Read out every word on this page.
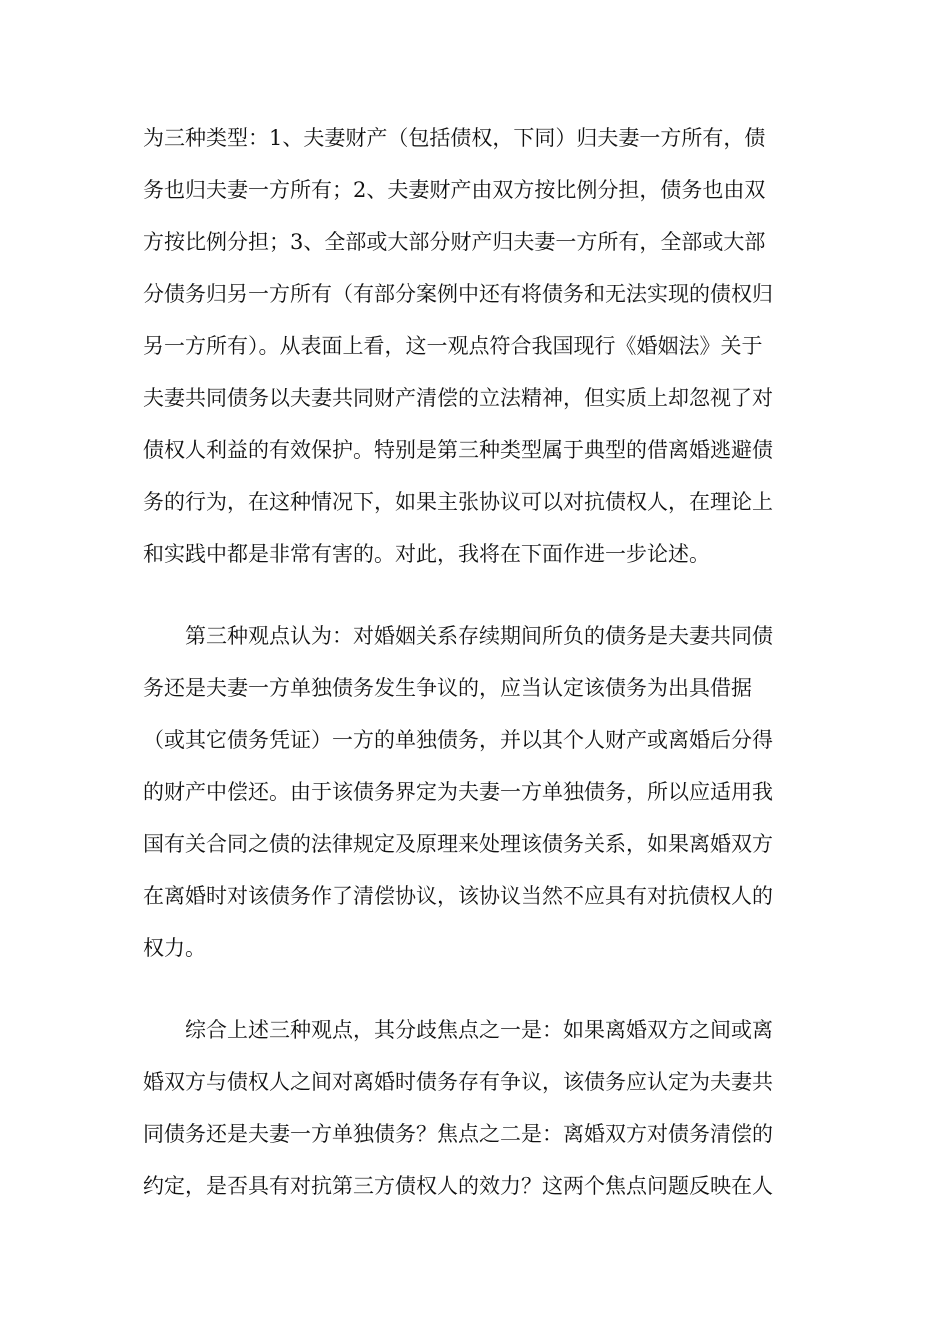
为三种类型：1、夫妻财产（包括债权，下同）归夫妻一方所有，债
务也归夫妻一方所有；2、夫妻财产由双方按比例分担，债务也由双
方按比例分担；3、全部或大部分财产归夫妻一方所有，全部或大部
分债务归另一方所有（有部分案例中还有将债务和无法实现的债权归
另一方所有）。从表面上看，这一观点符合我国现行《婚姻法》关于
夫妻共同债务以夫妻共同财产清偿的立法精神，但实质上却忽视了对
债权人利益的有效保护。特别是第三种类型属于典型的借离婚逃避债
务的行为，在这种情况下，如果主张协议可以对抗债权人，在理论上
和实践中都是非常有害的。对此，我将在下面作进一步论述。
　　第三种观点认为：对婚姻关系存续期间所负的债务是夫妻共同债
务还是夫妻一方单独债务发生争议的，应当认定该债务为出具借据
（或其它债务凭证）一方的单独债务，并以其个人财产或离婚后分得
的财产中偿还。由于该债务界定为夫妻一方单独债务，所以应适用我
国有关合同之债的法律规定及原理来处理该债务关系，如果离婚双方
在离婚时对该债务作了清偿协议，该协议当然不应具有对抗债权人的
权力。
　　综合上述三种观点，其分歧焦点之一是：如果离婚双方之间或离
婚双方与债权人之间对离婚时债务存有争议，该债务应认定为夫妻共
同债务还是夫妻一方单独债务？焦点之二是：离婚双方对债务清偿的
约定，是否具有对抗第三方债权人的效力？这两个焦点问题反映在人
